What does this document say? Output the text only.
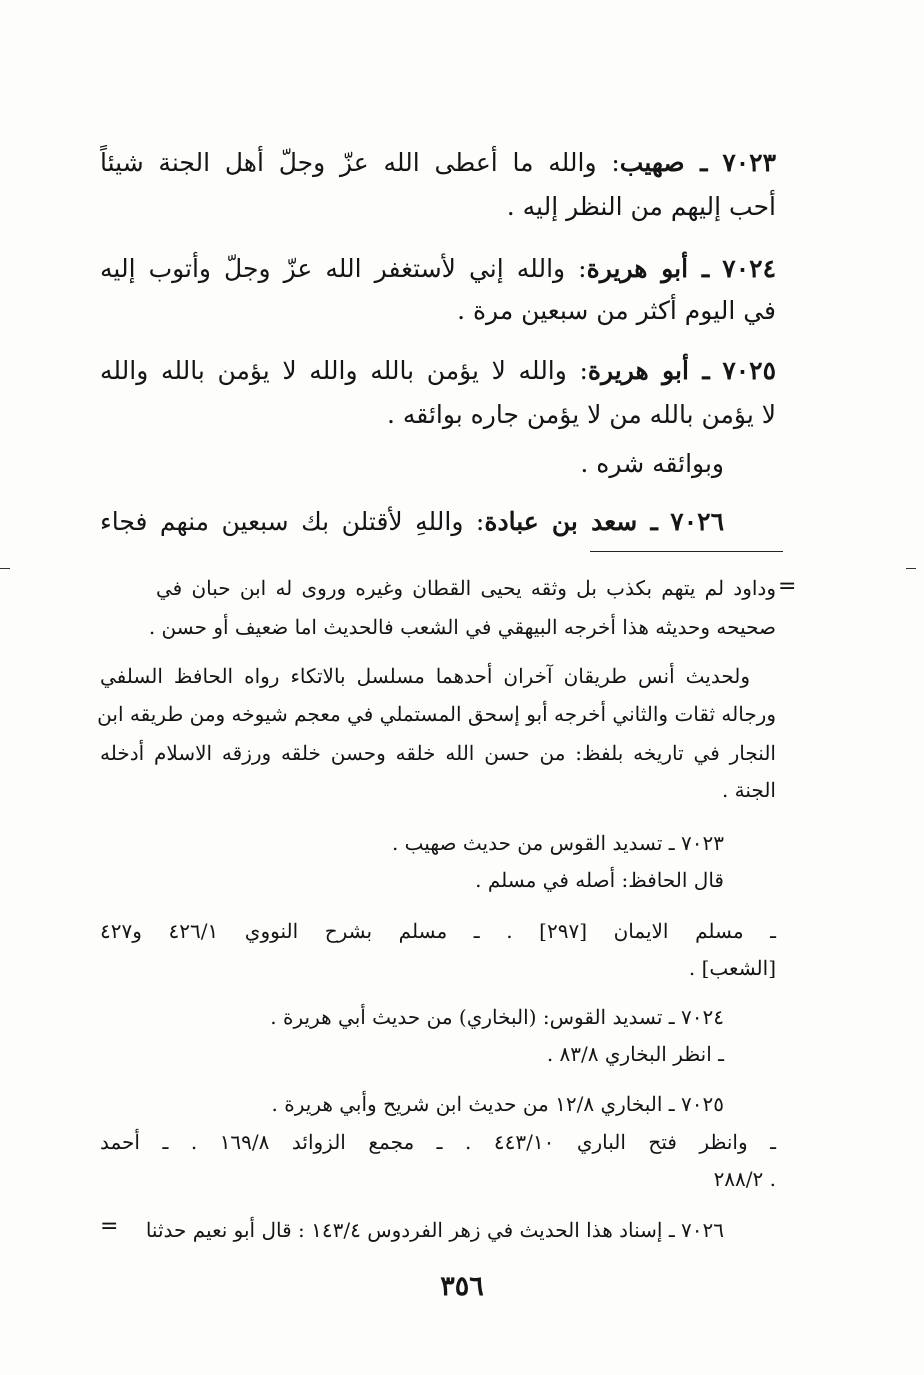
٧٠٢٣ ـ صهيب: والله ما أعطى الله عزّ وجلّ أهل الجنة شيئاً
أحب إليهم من النظر إليه .
٧٠٢٤ ـ أبو هريرة: والله إني لأستغفر الله عزّ وجلّ وأتوب إليه
في اليوم أكثر من سبعين مرة .
٧٠٢٥ ـ أبو هريرة: والله لا يؤمن بالله والله لا يؤمن بالله والله
لا يؤمن بالله من لا يؤمن جاره بوائقه .
وبوائقه شره .
٧٠٢٦ ـ سعد بن عبادة: واللهِ لأقتلن بك سبعين منهم فجاء
=
وداود لم يتهم بكذب بل وثقه يحيى القطان وغيره وروى له ابن حبان في
صحيحه وحديثه هذا أخرجه البيهقي في الشعب فالحديث اما ضعيف أو حسن .
ولحديث أنس طريقان آخران أحدهما مسلسل بالاتكاء رواه الحافظ السلفي
ورجاله ثقات والثاني أخرجه أبو إسحق المستملي في معجم شيوخه ومن طريقه ابن
النجار في تاريخه بلفظ: من حسن الله خلقه وحسن خلقه ورزقه الاسلام أدخله
الجنة .
٧٠٢٣ ـ تسديد القوس من حديث صهيب .
قال الحافظ: أصله في مسلم .
ـ مسلم الايمان [٢٩٧] . ـ مسلم بشرح النووي ٤٢٦/١ و٤٢٧
[الشعب] .
٧٠٢٤ ـ تسديد القوس: (البخاري) من حديث أبي هريرة .
ـ انظر البخاري ٨٣/٨ .
٧٠٢٥ ـ البخاري ١٢/٨ من حديث ابن شريح وأبي هريرة .
ـ وانظر فتح الباري ٤٤٣/١٠ . ـ مجمع الزوائد ١٦٩/٨ . ـ أحمد
٢٨٨/٢ .
٧٠٢٦ ـ إسناد هذا الحديث في زهر الفردوس ١٤٣/٤ : قال أبو نعيم حدثنا
=
٣٥٦
